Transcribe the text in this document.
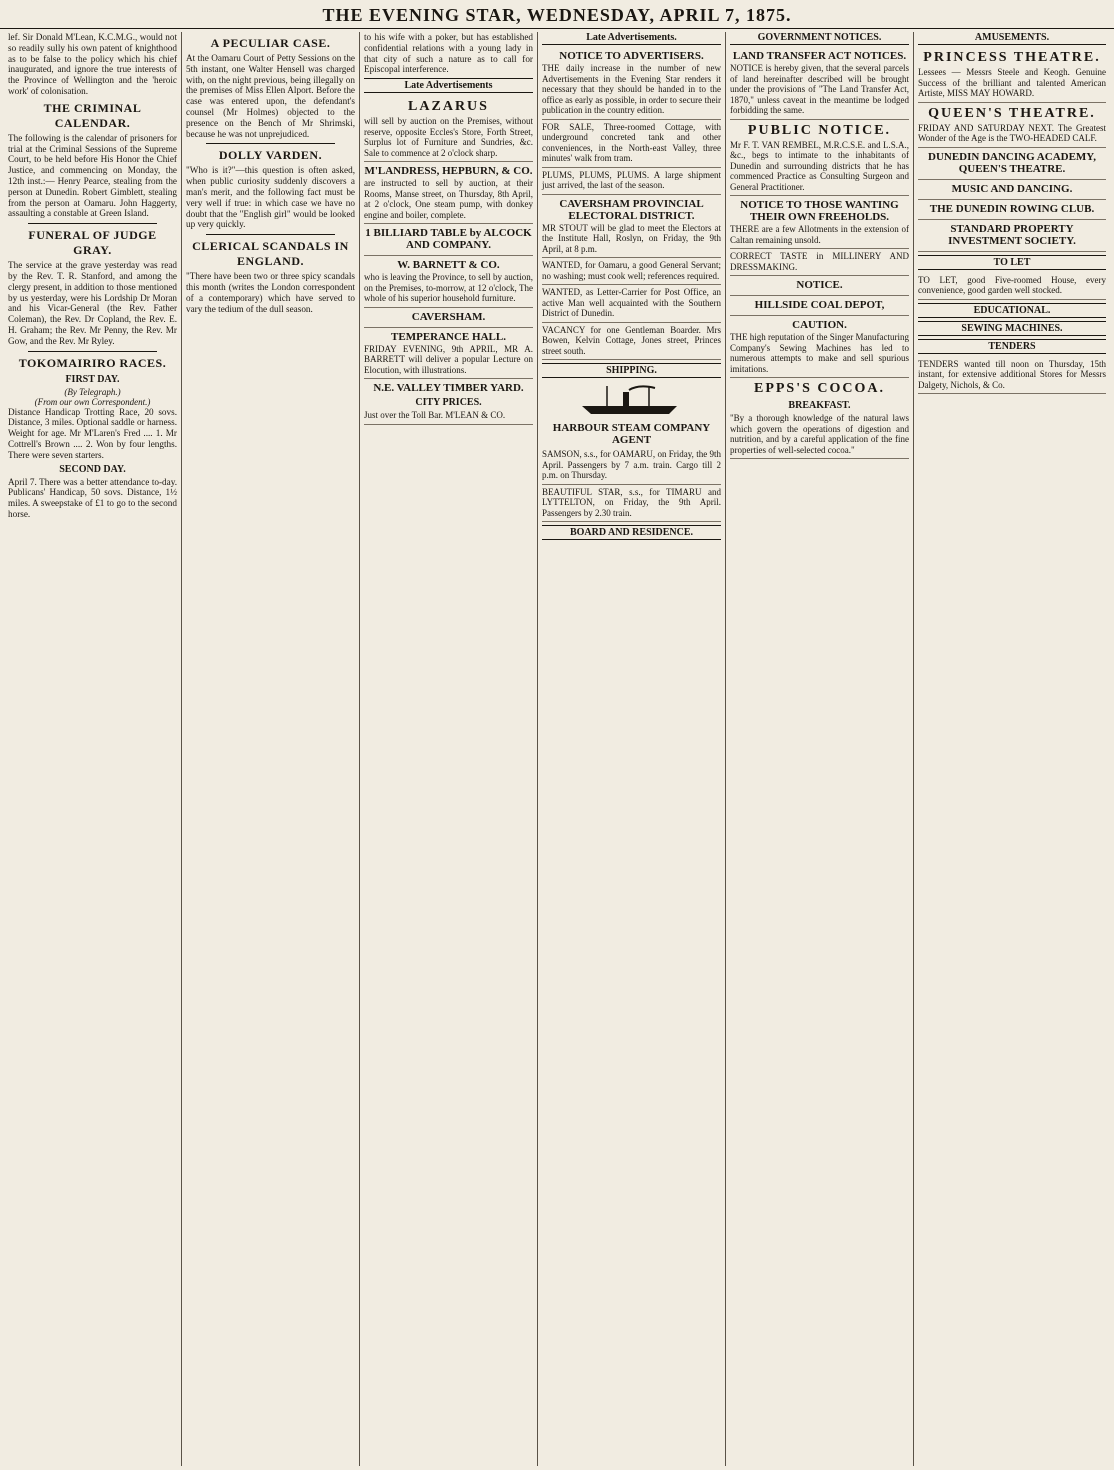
THE EVENING STAR, WEDNESDAY, APRIL 7, 1875.

lef. Sir Donald M'Lean, K.C.M.G., would not so readily sully his own patent of knighthood as to be false to the policy which his chief inaugurated, and ignore the true interests of the Province of Wellington and the 'heroic work' of colonisation.

THE CRIMINAL CALENDAR.

The following is the calendar of prisoners for trial at the Criminal Sessions of the Supreme Court, to be held before His Honor the Chief Justice, and commencing on Monday, the 12th inst.:— Henry Pearce, stealing from the person at Dunedin. Robert Gimblett, stealing from the person at Oamaru. John Haggerty, assaulting a constable at Green Island.

FUNERAL OF JUDGE GRAY.

The service at the grave yesterday was read by the Rev. T. R. Stanford, and among the clergy present, in addition to those mentioned by us yesterday, were his Lordship Dr Moran and his Vicar-General (the Rev. Father Coleman), the Rev. Dr Copland, the Rev. E. H. Graham; the Rev. Mr Penny, the Rev. Mr Gow, and the Rev. Mr Ryley.

TOKOMAIRIRO RACES.
FIRST DAY.
(By Telegraph.)
(From our own Correspondent.)

Distance Handicap Trotting Race, 20 sovs. Distance, 3 miles. Optional saddle or harness. Weight for age. Mr M'Laren's Fred .... 1. Mr Cottrell's Brown .... 2. Won by four lengths. There were seven starters.

SECOND DAY.

April 7. There was a better attendance to-day. Publicans' Handicap, 50 sovs. Distance, 1½ miles. A sweepstake of £1 to go to the second horse.

A PECULIAR CASE.

At the Oamaru Court of Petty Sessions on the 5th instant, one Walter Hensell was charged with, on the night previous, being illegally on the premises of Miss Ellen Alport. Before the case was entered upon, the defendant's counsel (Mr Holmes) objected to the presence on the Bench of Mr Shrimski, because he was not unprejudiced.

DOLLY VARDEN.

"Who is it?"—this question is often asked, when public curiosity suddenly discovers a man's merit, and the following fact must be very well if true: in which case we have no doubt that the "English girl" would be looked up very quickly.

CLERICAL SCANDALS IN ENGLAND.

"There have been two or three spicy scandals this month (writes the London correspondent of a contemporary) which have served to vary the tedium of the dull season.

to his wife with a poker, but has established confidential relations with a young lady in that city of such a nature as to call for Episcopal interference.

Late Advertisements
LAZARUS

will sell by auction on the Premises, without reserve, opposite Eccles's Store, Forth Street, Surplus lot of Furniture and Sundries, &c. Sale to commence at 2 o'clock sharp.

M'LANDRESS, HEPBURN, & CO.

are instructed to sell by auction, at their Rooms, Manse street, on Thursday, 8th April, at 2 o'clock, One steam pump, with donkey engine and boiler, complete.

1 BILLIARD TABLE by ALCOCK AND COMPANY.
W. BARNETT & CO.

who is leaving the Province, to sell by auction, on the Premises, to-morrow, at 12 o'clock, The whole of his superior household furniture.

CAVERSHAM.
TEMPERANCE HALL.

FRIDAY EVENING, 9th APRIL, MR A. BARRETT will deliver a popular Lecture on Elocution, with illustrations.

N.E. VALLEY TIMBER YARD.
CITY PRICES.

Just over the Toll Bar. M'LEAN & CO.

Late Advertisements.
NOTICE TO ADVERTISERS.

THE daily increase in the number of new Advertisements in the Evening Star renders it necessary that they should be handed in to the office as early as possible, in order to secure their publication in the country edition.

FOR SALE, Three-roomed Cottage, with underground concreted tank and other conveniences, in the North-east Valley, three minutes' walk from tram.

PLUMS, PLUMS, PLUMS. A large shipment just arrived, the last of the season.

CAVERSHAM PROVINCIAL ELECTORAL DISTRICT.

MR STOUT will be glad to meet the Electors at the Institute Hall, Roslyn, on Friday, the 9th April, at 8 p.m.

WANTED, for Oamaru, a good General Servant; no washing; must cook well; references required.

WANTED, as Letter-Carrier for Post Office, an active Man well acquainted with the Southern District of Dunedin.

VACANCY for one Gentleman Boarder. Mrs Bowen, Kelvin Cottage, Jones street, Princes street south.

SHIPPING.
HARBOUR STEAM COMPANY AGENT

SAMSON, s.s., for OAMARU, on Friday, the 9th April. Passengers by 7 a.m. train. Cargo till 2 p.m. on Thursday.

BEAUTIFUL STAR, s.s., for TIMARU and LYTTELTON, on Friday, the 9th April. Passengers by 2.30 train.

BOARD AND RESIDENCE.
GOVERNMENT NOTICES.
LAND TRANSFER ACT NOTICES.

NOTICE is hereby given, that the several parcels of land hereinafter described will be brought under the provisions of "The Land Transfer Act, 1870," unless caveat in the meantime be lodged forbidding the same.

PUBLIC NOTICE.

Mr F. T. VAN REMBEL, M.R.C.S.E. and L.S.A., &c., begs to intimate to the inhabitants of Dunedin and surrounding districts that he has commenced Practice as Consulting Surgeon and General Practitioner.

NOTICE TO THOSE WANTING THEIR OWN FREEHOLDS.

THERE are a few Allotments in the extension of Caltan remaining unsold.

CORRECT TASTE in MILLINERY AND DRESSMAKING.

NOTICE.
HILLSIDE COAL DEPOT,
CAUTION.

THE high reputation of the Singer Manufacturing Company's Sewing Machines has led to numerous attempts to make and sell spurious imitations.

EPPS'S COCOA.
BREAKFAST.

"By a thorough knowledge of the natural laws which govern the operations of digestion and nutrition, and by a careful application of the fine properties of well-selected cocoa."

AMUSEMENTS.
PRINCESS THEATRE.

Lessees — Messrs Steele and Keogh. Genuine Success of the brilliant and talented American Artiste, MISS MAY HOWARD.

QUEEN'S THEATRE.

FRIDAY AND SATURDAY NEXT. The Greatest Wonder of the Age is the TWO-HEADED CALF.

DUNEDIN DANCING ACADEMY, QUEEN'S THEATRE.
MUSIC AND DANCING.
THE DUNEDIN ROWING CLUB.
STANDARD PROPERTY INVESTMENT SOCIETY.
TO LET

TO LET, good Five-roomed House, every convenience, good garden well stocked.

EDUCATIONAL.
SEWING MACHINES.
TENDERS

TENDERS wanted till noon on Thursday, 15th instant, for extensive additional Stores for Messrs Dalgety, Nichols, & Co.
